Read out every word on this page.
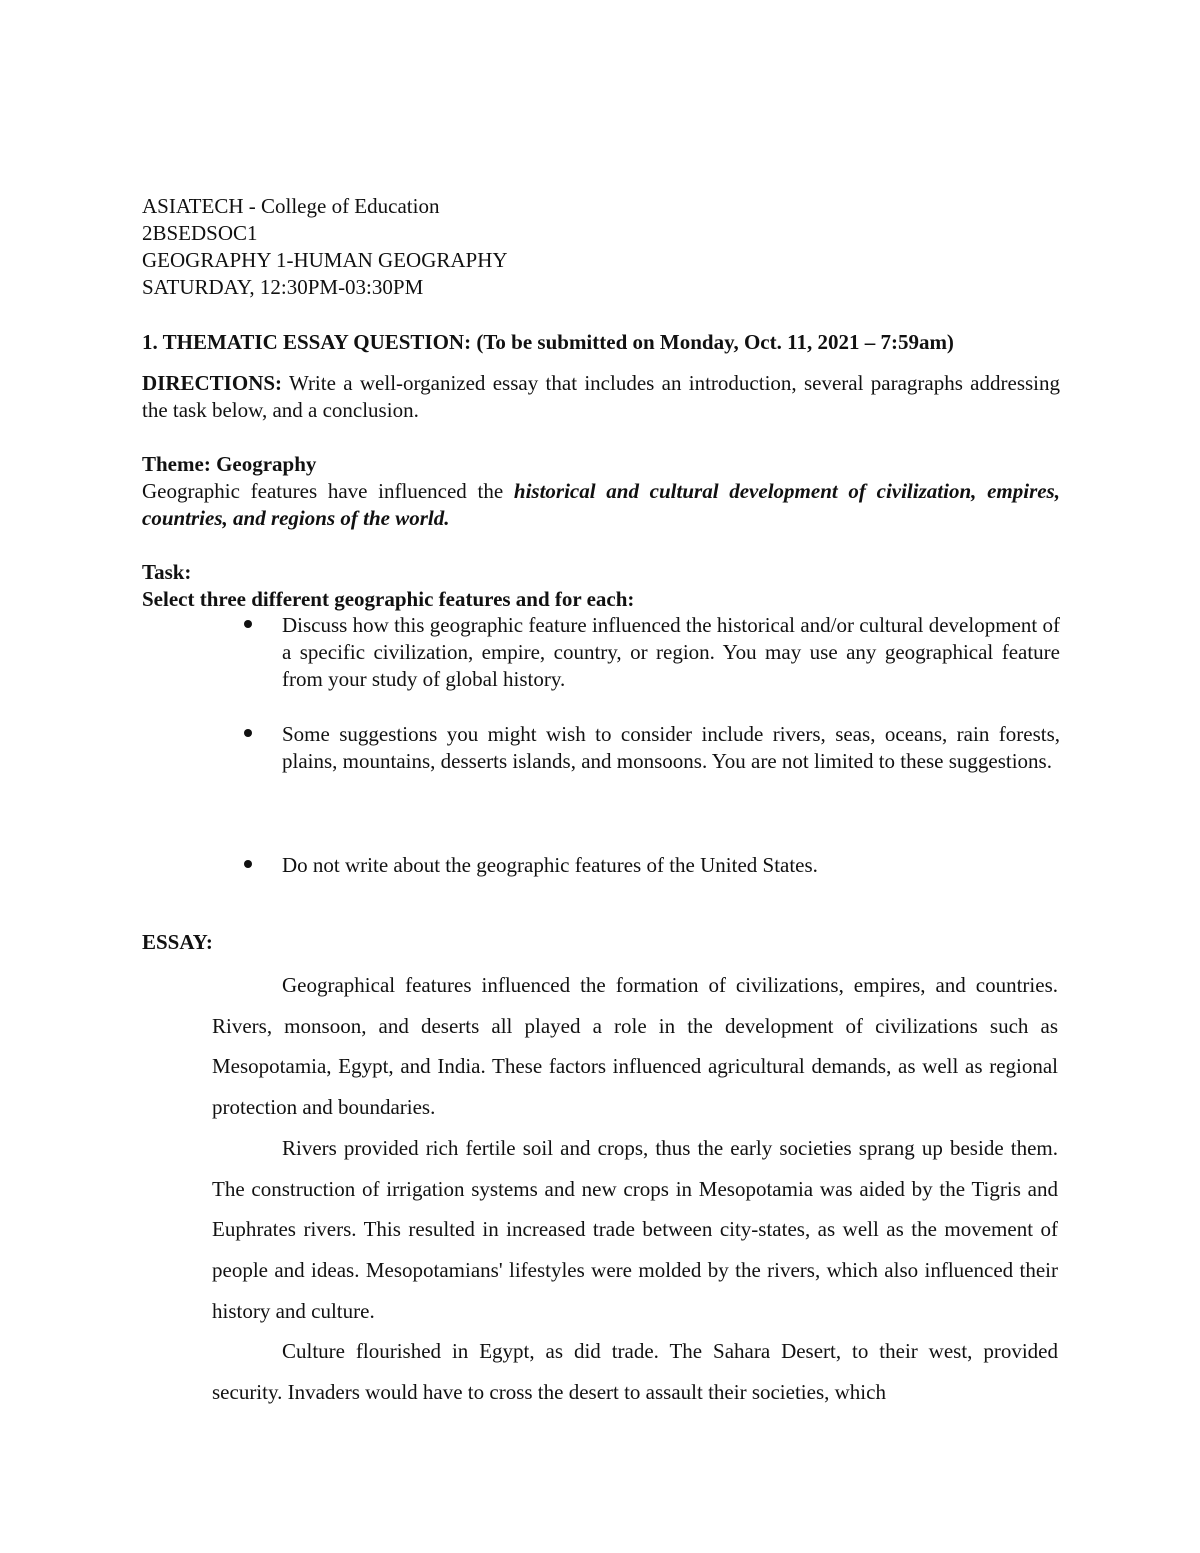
ASIATECH - College of Education
2BSEDSOC1
GEOGRAPHY 1-HUMAN GEOGRAPHY
SATURDAY, 12:30PM-03:30PM
1. THEMATIC ESSAY QUESTION: (To be submitted on Monday, Oct. 11, 2021 – 7:59am)
DIRECTIONS: Write a well-organized essay that includes an introduction, several paragraphs addressing the task below, and a conclusion.
Theme: Geography
Geographic features have influenced the historical and cultural development of civilization, empires, countries, and regions of the world.
Task:
Select three different geographic features and for each:
Discuss how this geographic feature influenced the historical and/or cultural development of a specific civilization, empire, country, or region. You may use any geographical feature from your study of global history.
Some suggestions you might wish to consider include rivers, seas, oceans, rain forests, plains, mountains, desserts islands, and monsoons. You are not limited to these suggestions.
Do not write about the geographic features of the United States.
ESSAY:
Geographical features influenced the formation of civilizations, empires, and countries. Rivers, monsoon, and deserts all played a role in the development of civilizations such as Mesopotamia, Egypt, and India. These factors influenced agricultural demands, as well as regional protection and boundaries.
Rivers provided rich fertile soil and crops, thus the early societies sprang up beside them. The construction of irrigation systems and new crops in Mesopotamia was aided by the Tigris and Euphrates rivers. This resulted in increased trade between city-states, as well as the movement of people and ideas. Mesopotamians' lifestyles were molded by the rivers, which also influenced their history and culture.
Culture flourished in Egypt, as did trade. The Sahara Desert, to their west, provided security. Invaders would have to cross the desert to assault their societies, which
